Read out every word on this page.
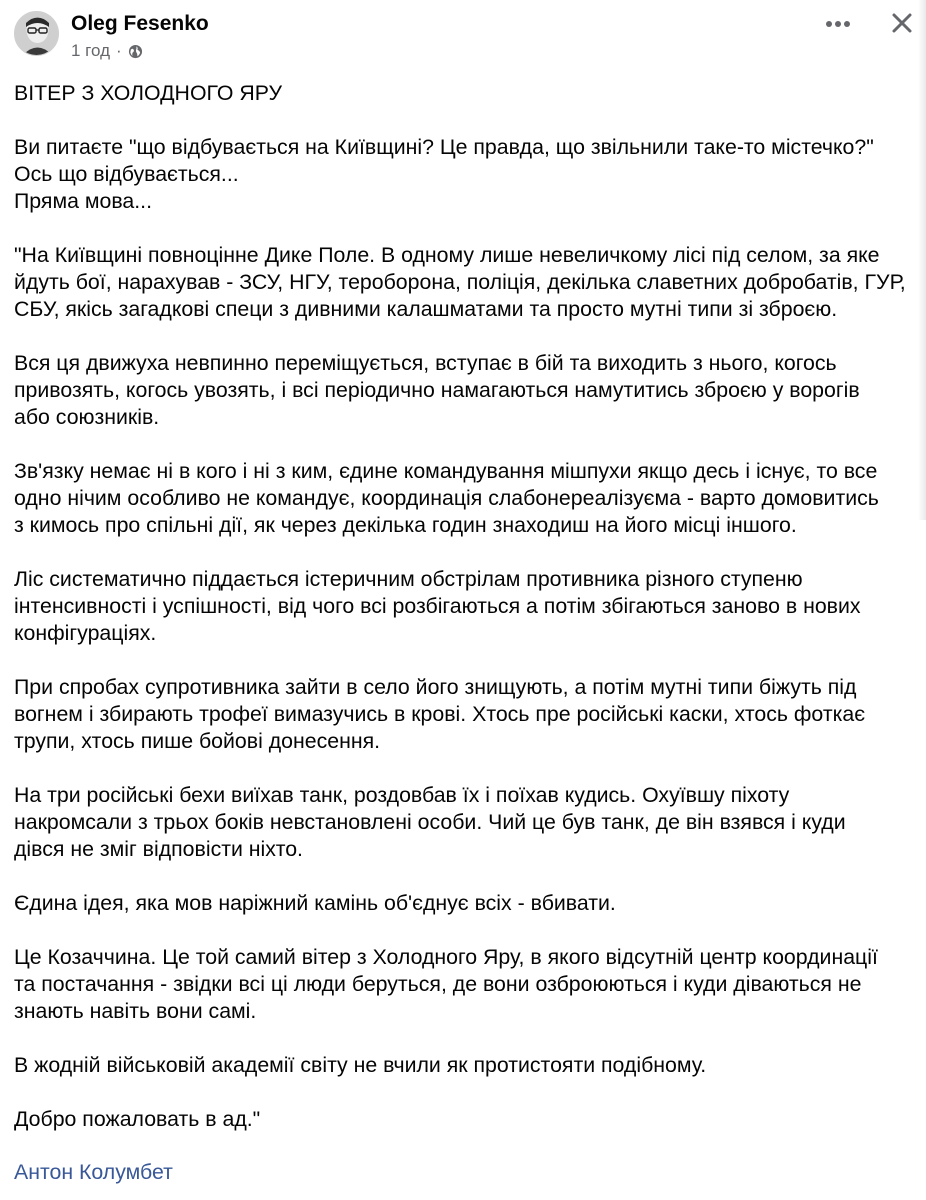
Oleg Fesenko
1 год ·

ВІТЕР З ХОЛОДНОГО ЯРУ

Ви питаєте "що відбувається на Київщині? Це правда, що звільнили таке-то містечко?"
Ось що відбувається...
Пряма мова...

"На Київщині повноцінне Дике Поле. В одному лише невеличкому лісі під селом, за яке
йдуть бої, нарахував - ЗСУ, НГУ, тероборона, поліція, декілька славетних добробатів, ГУР,
СБУ, якісь загадкові специ з дивними калашматами та просто мутні типи зі зброєю.

Вся ця движуха невпинно переміщується, вступає в бій та виходить з нього, когось
привозять, когось увозять, і всі періодично намагаються намутитись зброєю у ворогів
або союзників.

Зв'язку немає ні в кого і ні з ким, єдине командування мішпухи якщо десь і існує, то все
одно нічим особливо не командує, координація слабонереалізуєма - варто домовитись
з кимось про спільні дії, як через декілька годин знаходиш на його місці іншого.

Ліс систематично піддається істеричним обстрілам противника різного ступеню
інтенсивності і успішності, від чого всі розбігаються а потім збігаються заново в нових
конфігураціях.

При спробах супротивника зайти в село його знищують, а потім мутні типи біжуть під
вогнем і збирають трофеї вимазучись в крові. Хтось пре російські каски, хтось фоткає
трупи, хтось пише бойові донесення.

На три російські бехи виїхав танк, роздовбав їх і поїхав кудись. Охуївшу піхоту
накромсали з трьох боків невстановлені особи. Чий це був танк, де він взявся і куди
дівся не зміг відповісти ніхто.

Єдина ідея, яка мов наріжний камінь об'єднує всіх - вбивати.

Це Козаччина. Це той самий вітер з Холодного Яру, в якого відсутній центр координації
та постачання - звідки всі ці люди беруться, де вони озброюються і куди діваються не
знають навіть вони самі.

В жодній військовій академії світу не вчили як протистояти подібному.

Добро пожаловать в ад."

Антон Колумбет
